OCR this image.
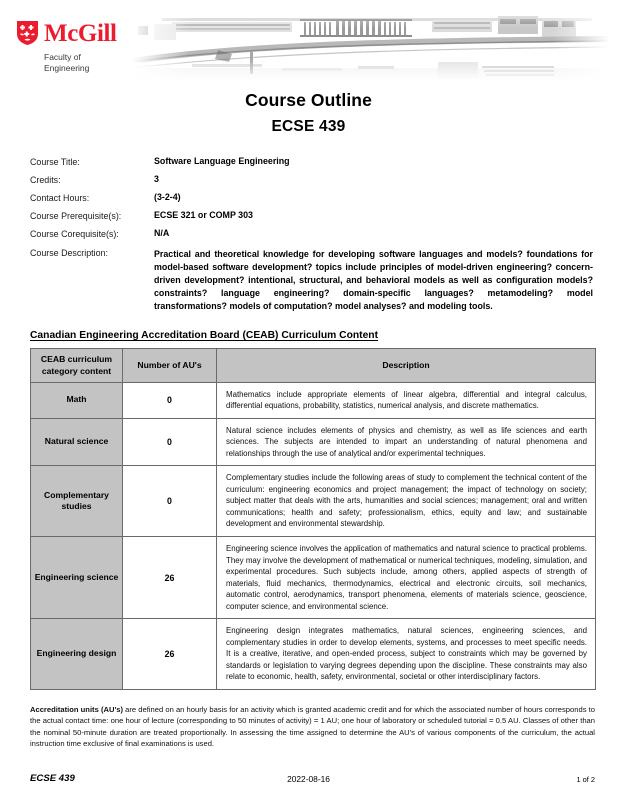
McGill
Faculty of
Engineering
Course Outline
ECSE 439
Course Title:	Software Language Engineering
Credits:	3
Contact Hours:	(3-2-4)
Course Prerequisite(s):	ECSE 321 or COMP 303
Course Corequisite(s):	N/A
Course Description:	Practical and theoretical knowledge for developing software languages and models? foundations for model-based software development? topics include principles of model-driven engineering? concern-driven development? intentional, structural, and behavioral models as well as configuration models? constraints? language engineering? domain-specific languages? metamodeling? model transformations? models of computation? model analyses? and modeling tools.
Canadian Engineering Accreditation Board (CEAB) Curriculum Content
CEAB curriculum category content	Number of AU's	Description
Math	0	Mathematics include appropriate elements of linear algebra, differential and integral calculus, differential equations, probability, statistics, numerical analysis, and discrete mathematics.
Natural science	0	Natural science includes elements of physics and chemistry, as well as life sciences and earth sciences. The subjects are intended to impart an understanding of natural phenomena and relationships through the use of analytical and/or experimental techniques.
Complementary studies	0	Complementary studies include the following areas of study to complement the technical content of the curriculum: engineering economics and project management; the impact of technology on society; subject matter that deals with the arts, humanities and social sciences; management; oral and written communications; health and safety; professionalism, ethics, equity and law; and sustainable development and environmental stewardship.
Engineering science	26	Engineering science involves the application of mathematics and natural science to practical problems. They may involve the development of mathematical or numerical techniques, modeling, simulation, and experimental procedures. Such subjects include, among others, applied aspects of strength of materials, fluid mechanics, thermodynamics, electrical and electronic circuits, soil mechanics, automatic control, aerodynamics, transport phenomena, elements of materials science, geoscience, computer science, and environmental science.
Engineering design	26	Engineering design integrates mathematics, natural sciences, engineering sciences, and complementary studies in order to develop elements, systems, and processes to meet specific needs. It is a creative, iterative, and open-ended process, subject to constraints which may be governed by standards or legislation to varying degrees depending upon the discipline. These constraints may also relate to economic, health, safety, environmental, societal or other interdisciplinary factors.
Accreditation units (AU's) are defined on an hourly basis for an activity which is granted academic credit and for which the associated number of hours corresponds to the actual contact time: one hour of lecture (corresponding to 50 minutes of activity) = 1 AU; one hour of laboratory or scheduled tutorial = 0.5 AU. Classes of other than the nominal 50-minute duration are treated proportionally. In assessing the time assigned to determine the AU's of various components of the curriculum, the actual instruction time exclusive of final examinations is used.
ECSE 439	2022-08-16	1 of 2
